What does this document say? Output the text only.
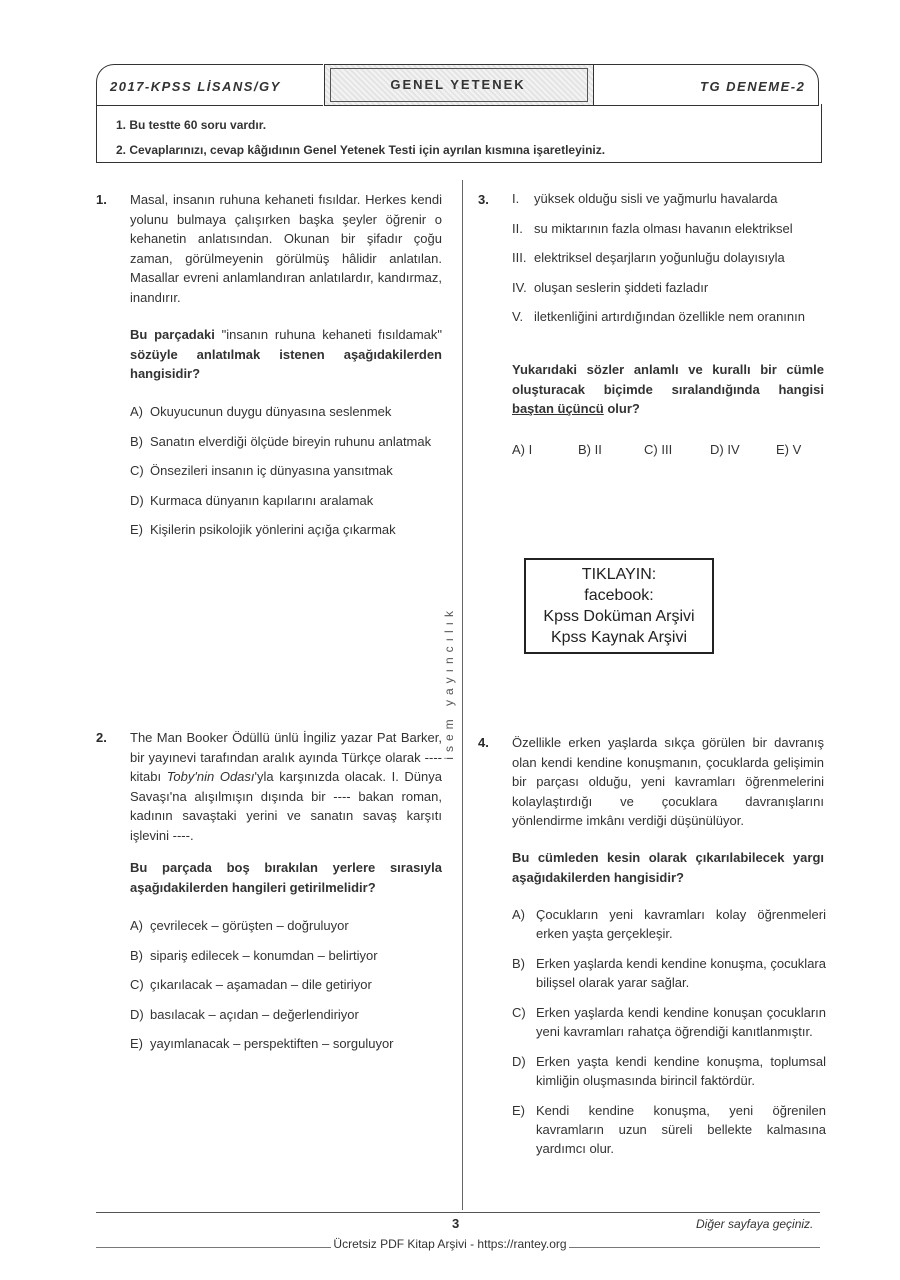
2017-KPSS LİSANS/GY	GENEL YETENEK	TG DENEME-2
1. Bu testte 60 soru vardır.
2. Cevaplarınızı, cevap kâğıdının Genel Yetenek Testi için ayrılan kısmına işaretleyiniz.
isem yayıncılık
1. Masal, insanın ruhuna kehaneti fısıldar. Herkes kendi yolunu bulmaya çalışırken başka şeyler öğrenir o kehanetin anlatısından. Okunan bir şifadır çoğu zaman, görülmeyenin görülmüş hâlidir anlatılan. Masallar evreni anlamlandıran anlatılardır, kandırmaz, inandırır.
Bu parçadaki "insanın ruhuna kehaneti fısıldamak" sözüyle anlatılmak istenen aşağıdakilerden hangisidir?
A) Okuyucunun duygu dünyasına seslenmek
B) Sanatın elverdiği ölçüde bireyin ruhunu anlatmak
C) Önsezileri insanın iç dünyasına yansıtmak
D) Kurmaca dünyanın kapılarını aralamak
E) Kişilerin psikolojik yönlerini açığa çıkarmak
2. The Man Booker Ödüllü ünlü İngiliz yazar Pat Barker, bir yayınevi tarafından aralık ayında Türkçe olarak ---- kitabı Toby'nin Odası'yla karşınızda olacak. I. Dünya Savaşı'na alışılmışın dışında bir ---- bakan roman, kadının savaştaki yerini ve sanatın savaş karşıtı işlevini ----.
Bu parçada boş bırakılan yerlere sırasıyla aşağıdakilerden hangileri getirilmelidir?
A) çevrilecek – görüşten – doğruluyor
B) sipariş edilecek – konumdan – belirtiyor
C) çıkarılacak – aşamadan – dile getiriyor
D) basılacak – açıdan – değerlendiriyor
E) yayımlanacak – perspektiften – sorguluyor
3. I. yüksek olduğu sisli ve yağmurlu havalarda
II. su miktarının fazla olması havanın elektriksel
III. elektriksel deşarjların yoğunluğu dolayısıyla
IV. oluşan seslerin şiddeti fazladır
V. iletkenliğini artırdığından özellikle nem oranının
Yukarıdaki sözler anlamlı ve kurallı bir cümle oluşturacak biçimde sıralandığında hangisi baştan üçüncü olur?
A) I	B) II	C) III	D) IV	E) V
TIKLAYIN:
facebook:
Kpss Doküman Arşivi
Kpss Kaynak Arşivi
4. Özellikle erken yaşlarda sıkça görülen bir davranış olan kendi kendine konuşmanın, çocuklarda gelişimin bir parçası olduğu, yeni kavramları öğrenmelerini kolaylaştırdığı ve çocuklara davranışlarını yönlendirme imkânı verdiği düşünülüyor.
Bu cümleden kesin olarak çıkarılabilecek yargı aşağıdakilerden hangisidir?
A) Çocukların yeni kavramları kolay öğrenmeleri erken yaşta gerçekleşir.
B) Erken yaşlarda kendi kendine konuşma, çocuklara bilişsel olarak yarar sağlar.
C) Erken yaşlarda kendi kendine konuşan çocukların yeni kavramları rahatça öğrendiği kanıtlanmıştır.
D) Erken yaşta kendi kendine konuşma, toplumsal kimliğin oluşmasında birincil faktördür.
E) Kendi kendine konuşma, yeni öğrenilen kavramların uzun süreli bellekte kalmasına yardımcı olur.
3	Diğer sayfaya geçiniz.
Ücretsiz PDF Kitap Arşivi - https://rantey.org
